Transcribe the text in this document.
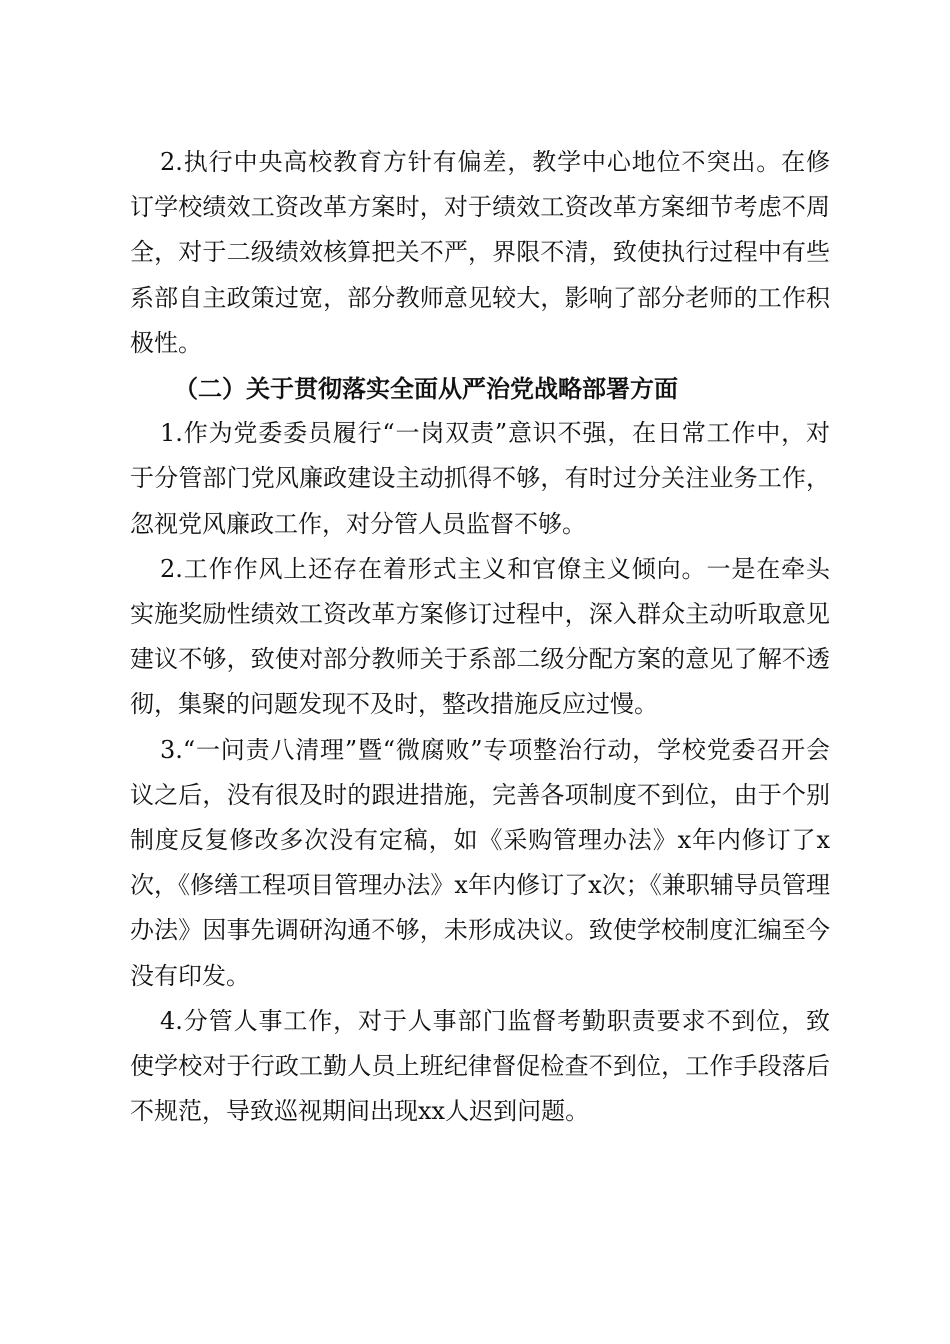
2.执行中央高校教育方针有偏差，教学中心地位不突出。在修订学校绩效工资改革方案时，对于绩效工资改革方案细节考虑不周全，对于二级绩效核算把关不严，界限不清，致使执行过程中有些系部自主政策过宽，部分教师意见较大，影响了部分老师的工作积极性。

（二）关于贯彻落实全面从严治党战略部署方面

1.作为党委委员履行“一岗双责”意识不强，在日常工作中，对于分管部门党风廉政建设主动抓得不够，有时过分关注业务工作，忽视党风廉政工作，对分管人员监督不够。

2.工作作风上还存在着形式主义和官僚主义倾向。一是在牵头实施奖励性绩效工资改革方案修订过程中，深入群众主动听取意见建议不够，致使对部分教师关于系部二级分配方案的意见了解不透彻，集聚的问题发现不及时，整改措施反应过慢。

3.“一问责八清理”暨“微腐败”专项整治行动，学校党委召开会议之后，没有很及时的跟进措施，完善各项制度不到位，由于个别制度反复修改多次没有定稿，如《采购管理办法》x年内修订了x次，《修缮工程项目管理办法》x年内修订了x次；《兼职辅导员管理办法》因事先调研沟通不够，未形成决议。致使学校制度汇编至今没有印发。

4.分管人事工作，对于人事部门监督考勤职责要求不到位，致使学校对于行政工勤人员上班纪律督促检查不到位，工作手段落后不规范，导致巡视期间出现xx人迟到问题。
